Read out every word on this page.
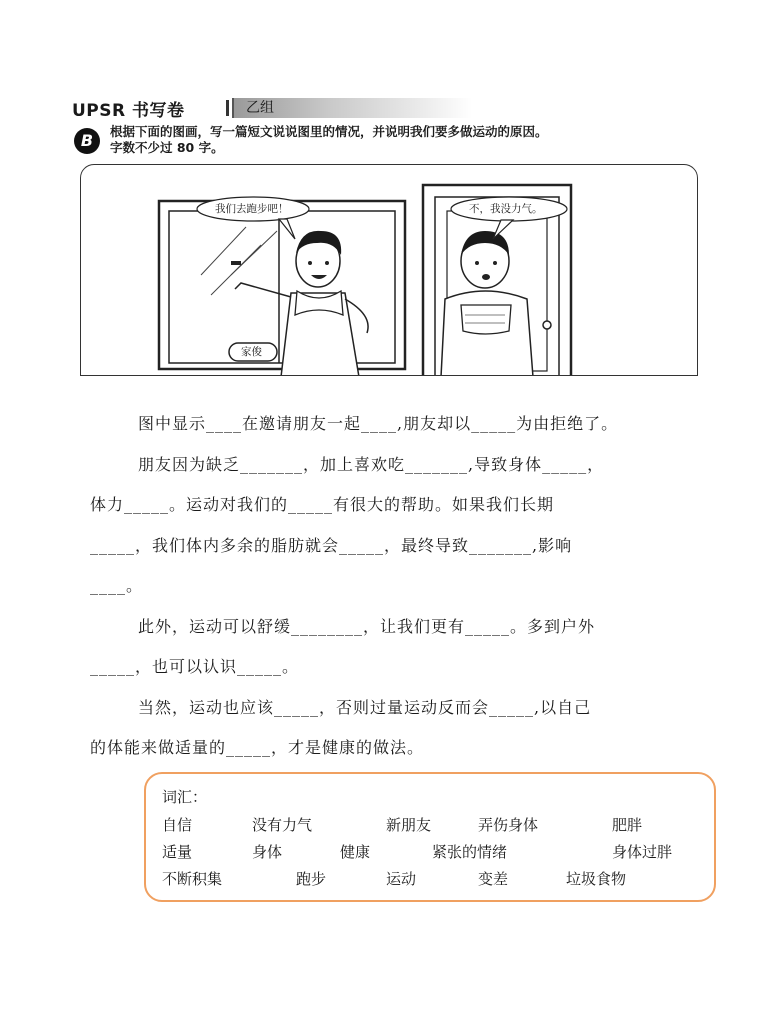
UPSR 书写卷	乙组
B	根据下面的图画，写一篇短文说说图里的情况，并说明我们要多做运动的原因。
字数不少过 80 字。
我们去跑步吧！	不，我没力气。
家俊

图中显示____在邀请朋友一起____,朋友却以_____为由拒绝了。

朋友因为缺乏_______，加上喜欢吃_______,导致身体_____，

体力_____。运动对我们的_____有很大的帮助。如果我们长期

_____，我们体内多余的脂肪就会_____，最终导致_______,影响

____。

此外，运动可以舒缓________，让我们更有_____。多到户外

_____，也可以认识_____。

当然，运动也应该_____，否则过量运动反而会_____,以自己

的体能来做适量的_____，才是健康的做法。

词汇：
自信	没有力气	新朋友	弄伤身体	肥胖
适量	身体	健康	紧张的情绪	身体过胖
不断积集	跑步	运动	变差	垃圾食物
